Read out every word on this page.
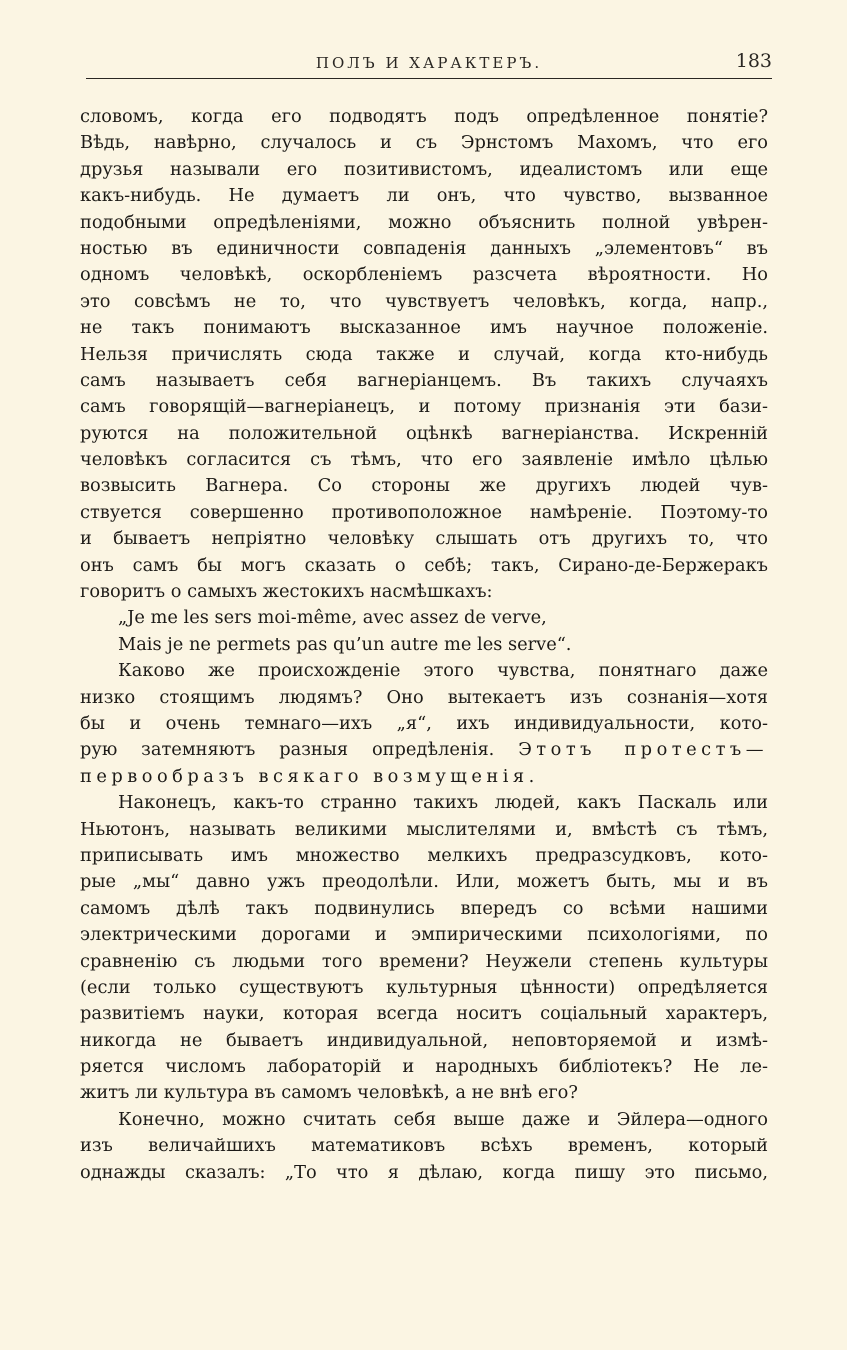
ПОЛЪ И ХАРАКТЕРЪ.	183
словомъ, когда его подводятъ подъ опредѣленное понятіе?
Вѣдь, навѣрно, случалось и съ Эрнстомъ Махомъ, что его
друзья называли его позитивистомъ, идеалистомъ или еще
какъ-нибудь. Не думаетъ ли онъ, что чувство, вызванное
подобными опредѣленіями, можно объяснить полной увѣрен-
ностью въ единичности совпаденія данныхъ „элементовъ“ въ
одномъ человѣкѣ, оскорбленіемъ разсчета вѣроятности. Но
это совсѣмъ не то, что чувствуетъ человѣкъ, когда, напр.,
не такъ понимаютъ высказанное имъ научное положеніе.
Нельзя причислять сюда также и случай, когда кто-нибудь
самъ называетъ себя вагнеріанцемъ. Въ такихъ случаяхъ
самъ говорящій—вагнеріанецъ, и потому признанія эти бази-
руются на положительной оцѣнкѣ вагнеріанства. Искренній
человѣкъ согласится съ тѣмъ, что его заявленіе имѣло цѣлью
возвысить Вагнера. Со стороны же другихъ людей чув-
ствуется совершенно противоположное намѣреніе. Поэтому-то
и бываетъ непріятно человѣку слышать отъ другихъ то, что
онъ самъ бы могъ сказать о себѣ; такъ, Сирано-де-Бержеракъ
говоритъ о самыхъ жестокихъ насмѣшкахъ:
„Je me les sers moi-même, avec assez de verve,
Mais je ne permets pas qu’un autre me les serve“.
Каково же происхожденіе этого чувства, понятнаго даже
низко стоящимъ людямъ? Оно вытекаетъ изъ сознанія—хотя
бы и очень темнаго—ихъ „я“, ихъ индивидуальности, кото-
рую затемняютъ разныя опредѣленія. Этотъ протестъ—
первообразъ всякаго возмущенія.
Наконецъ, какъ-то странно такихъ людей, какъ Паскаль или
Ньютонъ, называть великими мыслителями и, вмѣстѣ съ тѣмъ,
приписывать имъ множество мелкихъ предразсудковъ, кото-
рые „мы“ давно ужъ преодолѣли. Или, можетъ быть, мы и въ
самомъ дѣлѣ такъ подвинулись впередъ со всѣми нашими
электрическими дорогами и эмпирическими психологіями, по
сравненію съ людьми того времени? Неужели степень культуры
(если только существуютъ культурныя цѣнности) опредѣляется
развитіемъ науки, которая всегда носитъ соціальный характеръ,
никогда не бываетъ индивидуальной, неповторяемой и измѣ-
ряется числомъ лабораторій и народныхъ библіотекъ? Не ле-
житъ ли культура въ самомъ человѣкѣ, а не внѣ его?
Конечно, можно считать себя выше даже и Эйлера—одного
изъ величайшихъ математиковъ всѣхъ временъ, который
однажды сказалъ: „То что я дѣлаю, когда пишу это письмо,
